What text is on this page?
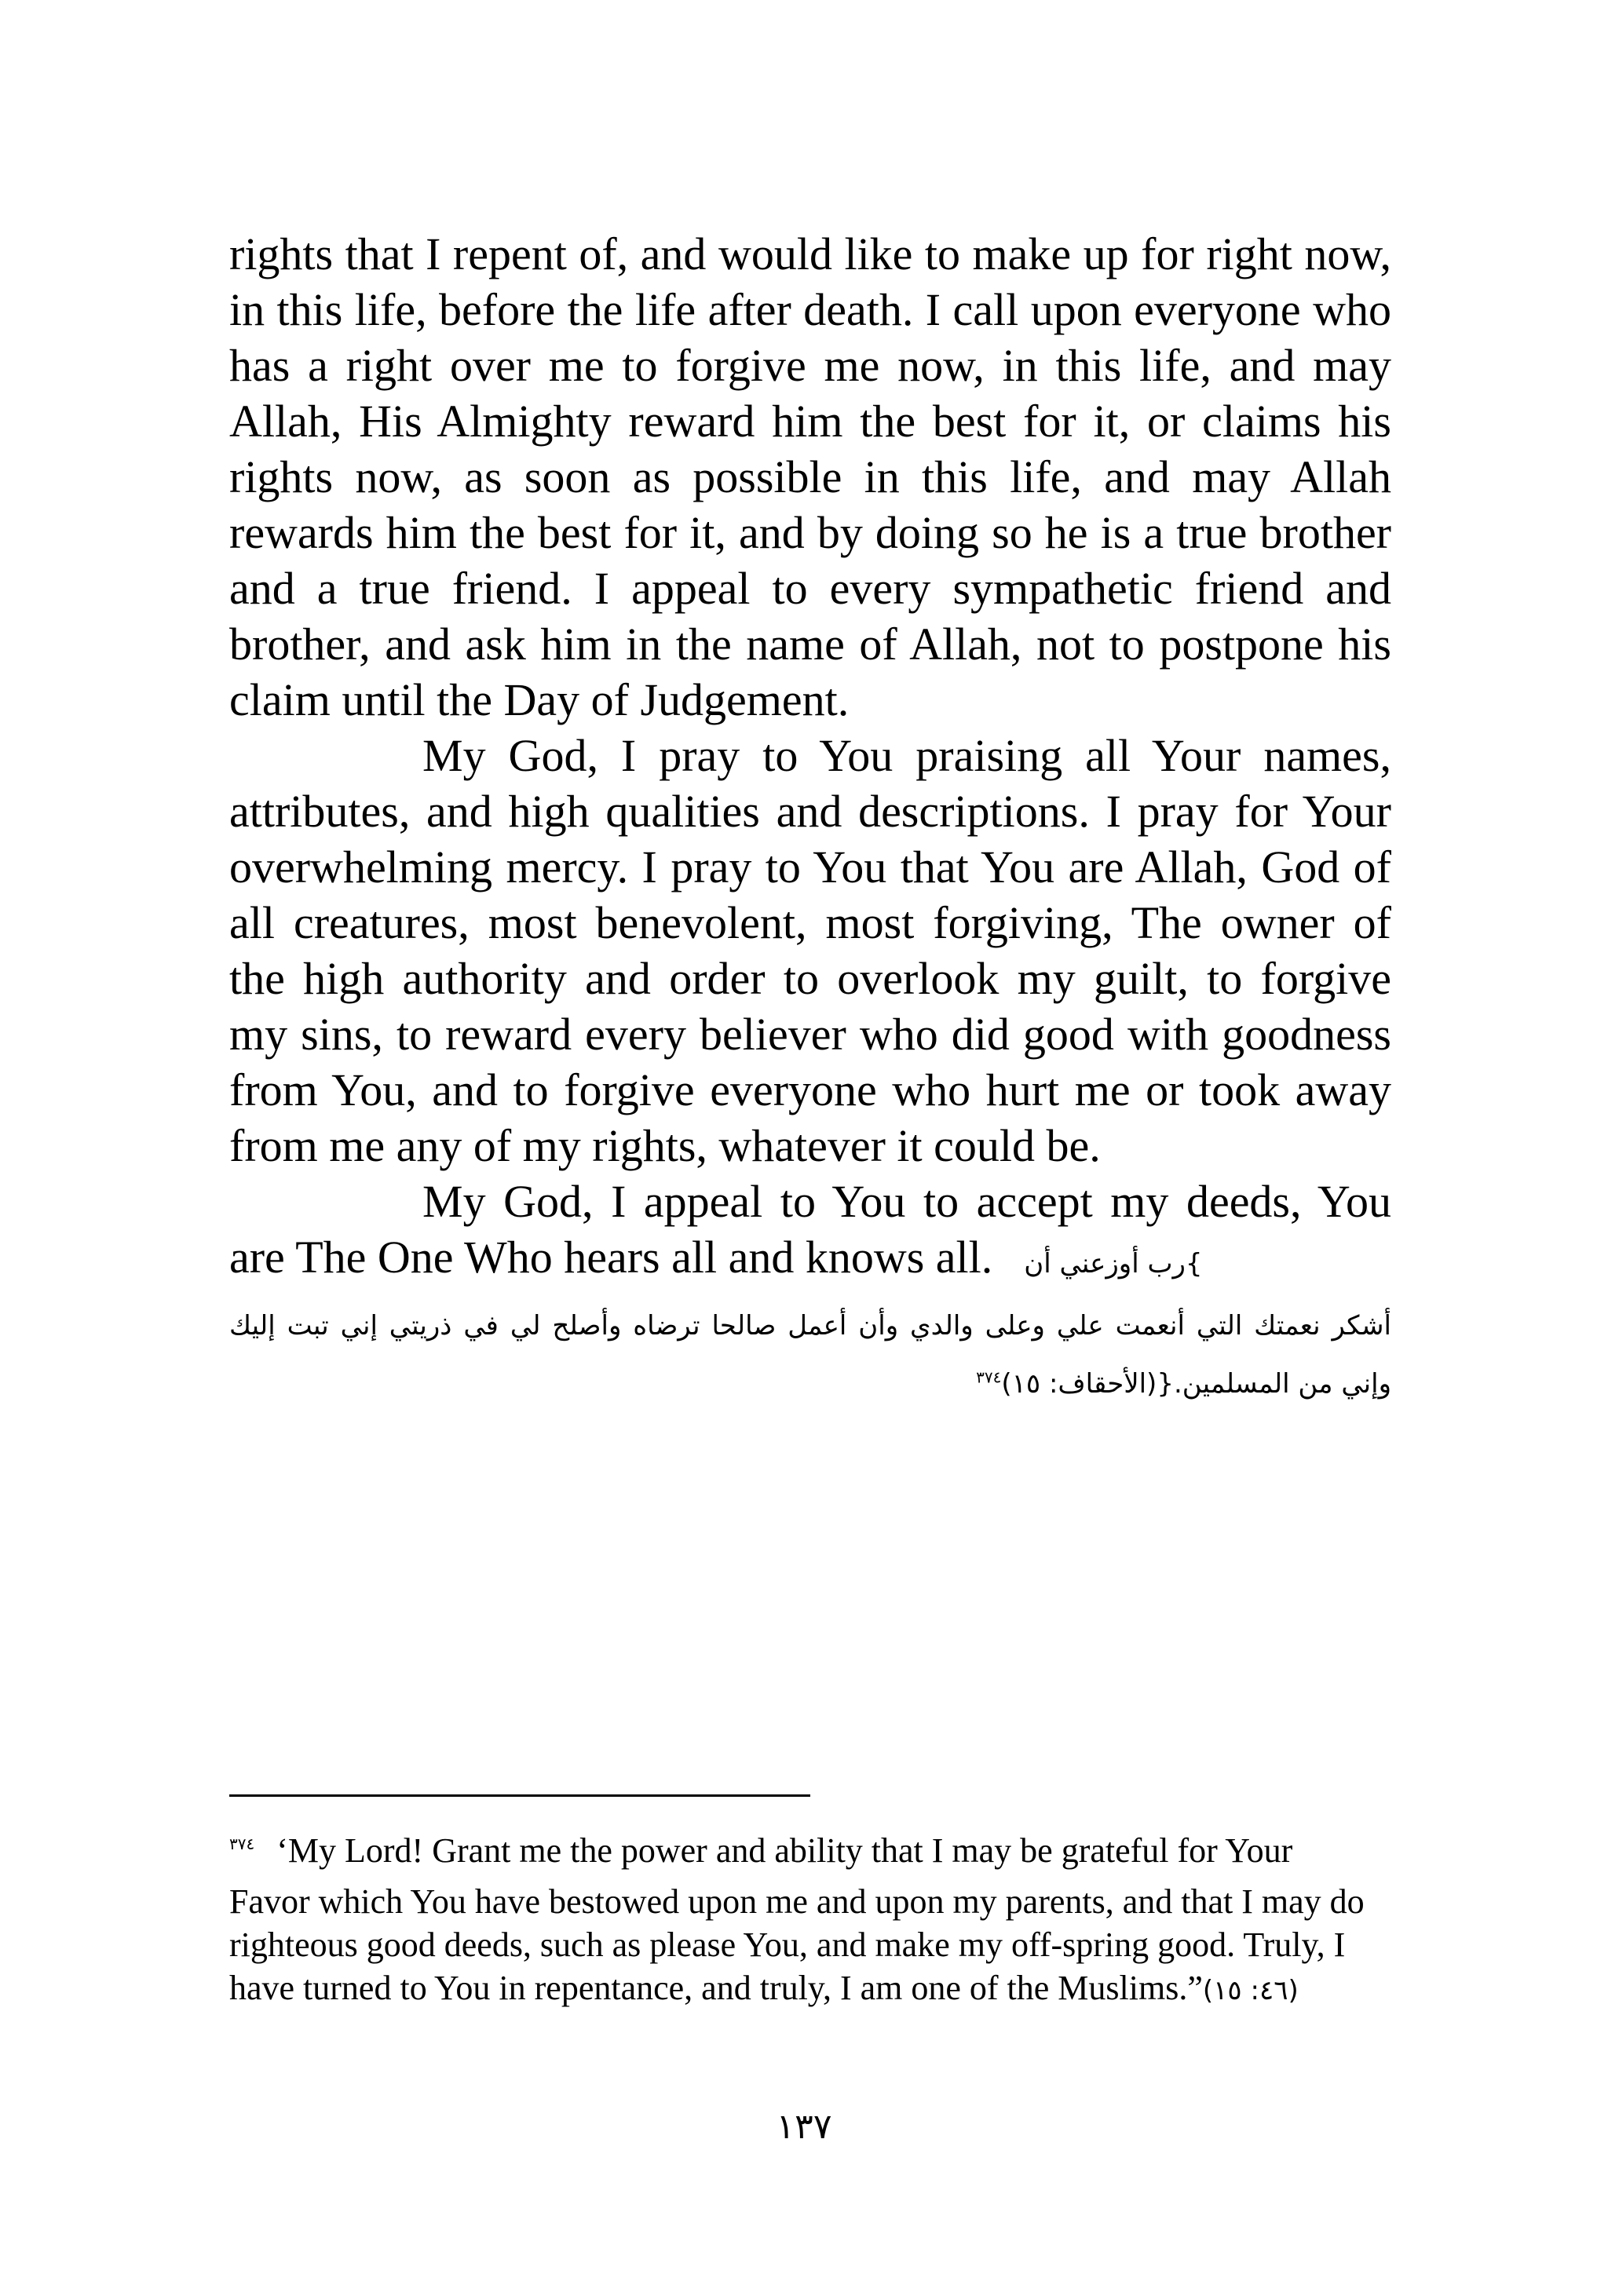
rights that I repent of, and would like to make up for right now, in this life, before the life after death. I call upon everyone who has a right over me to forgive me now, in this life, and may Allah, His Almighty reward him the best for it, or claims his rights now, as soon as possible in this life, and may Allah rewards him the best for it, and by doing so he is a true brother and a true friend. I appeal to every sympathetic friend and brother, and ask him in the name of Allah, not to postpone his claim until the Day of Judgement.

My God, I pray to You praising all Your names, attributes, and high qualities and descriptions. I pray for Your overwhelming mercy. I pray to You that You are Allah, God of all creatures, most benevolent, most forgiving, The owner of the high authority and order to overlook my guilt, to forgive my sins, to reward every believer who did good with goodness from You, and to forgive everyone who hurt me or took away from me any of my rights, whatever it could be.

My God, I appeal to You to accept my deeds, You are The One Who hears all and knows all. }رب أوزعني أن

أشكر نعمتك التي أنعمت علي وعلى والدي وأن أعمل صالحا ترضاه وأصلح لي في ذريتي إني تبت إليك وإني من المسلمين.{(الأحقاف: ١٥)$^{٣٧٤}$

$^{٣٧٤}$ ‘My Lord! Grant me the power and ability that I may be grateful for Your

Favor which You have bestowed upon me and upon my parents, and that I may do righteous good deeds, such as please You, and make my off-spring good. Truly, I have turned to You in repentance, and truly, I am one of the Muslims.”(٤٦: ١٥)

١٣٧
